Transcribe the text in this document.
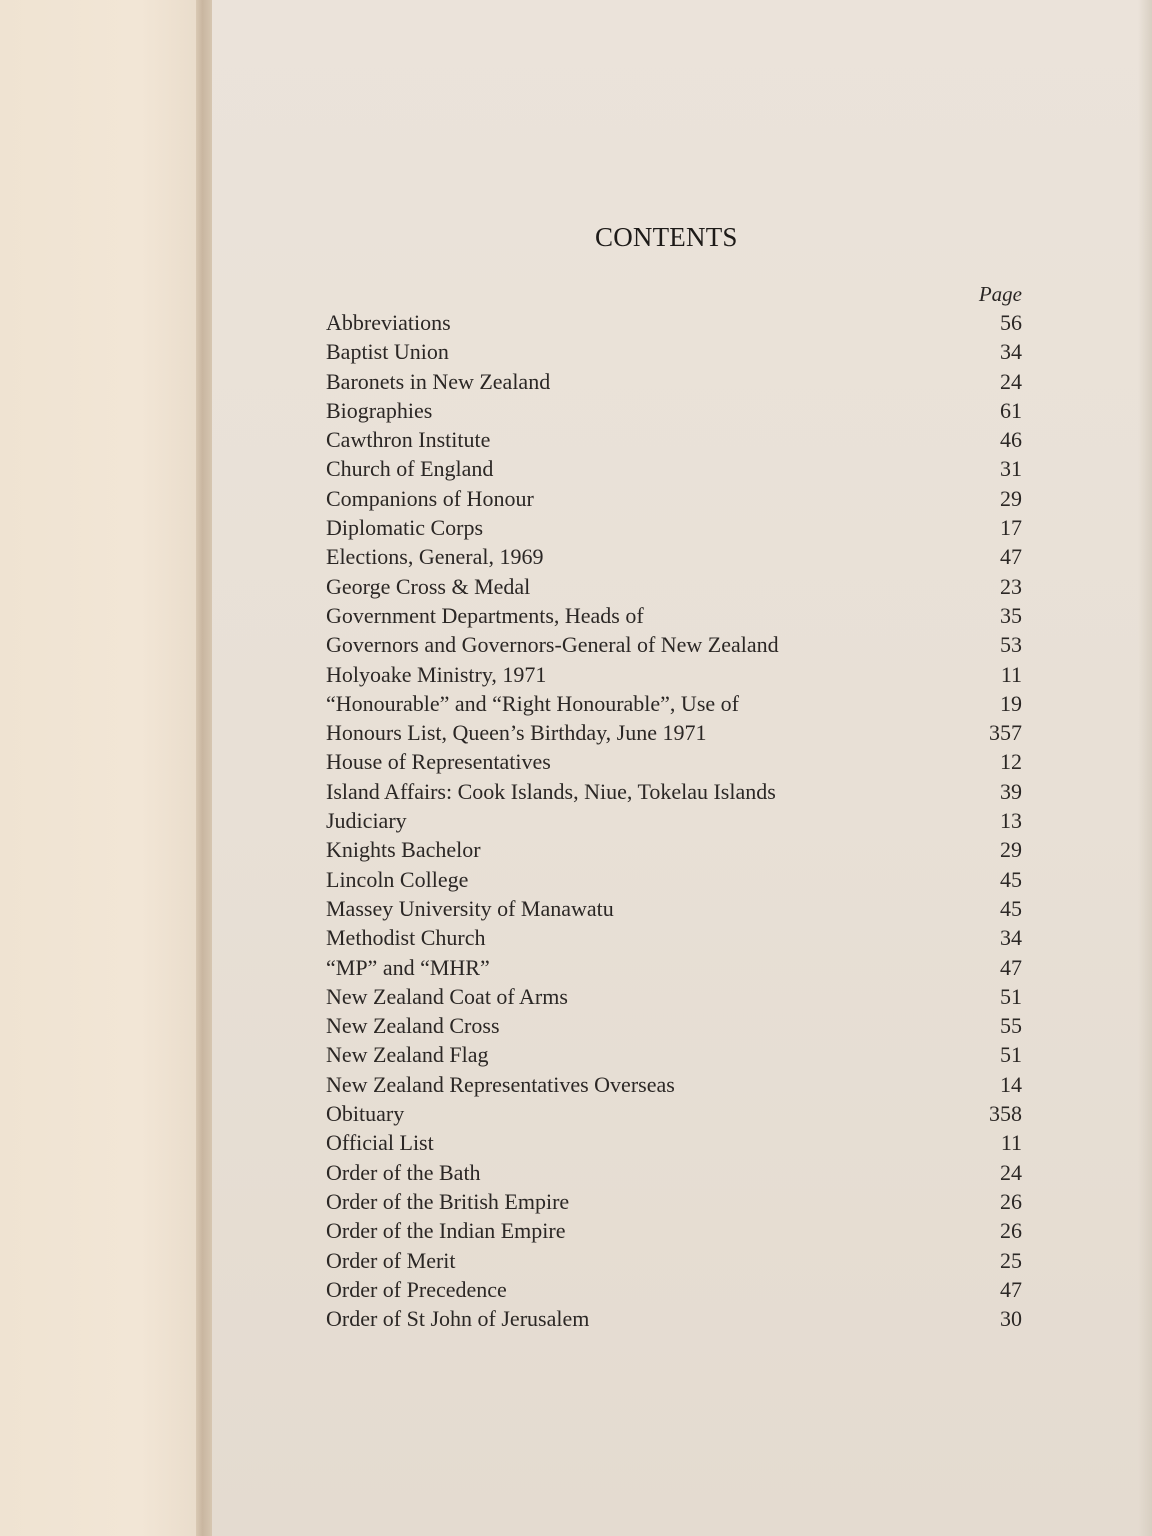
CONTENTS
Page
Abbreviations	56
Baptist Union	34
Baronets in New Zealand	24
Biographies	61
Cawthron Institute	46
Church of England	31
Companions of Honour	29
Diplomatic Corps	17
Elections, General, 1969	47
George Cross & Medal	23
Government Departments, Heads of	35
Governors and Governors-General of New Zealand	53
Holyoake Ministry, 1971	11
“Honourable” and “Right Honourable”, Use of	19
Honours List, Queen’s Birthday, June 1971	357
House of Representatives	12
Island Affairs: Cook Islands, Niue, Tokelau Islands	39
Judiciary	13
Knights Bachelor	29
Lincoln College	45
Massey University of Manawatu	45
Methodist Church	34
“MP” and “MHR”	47
New Zealand Coat of Arms	51
New Zealand Cross	55
New Zealand Flag	51
New Zealand Representatives Overseas	14
Obituary	358
Official List	11
Order of the Bath	24
Order of the British Empire	26
Order of the Indian Empire	26
Order of Merit	25
Order of Precedence	47
Order of St John of Jerusalem	30
